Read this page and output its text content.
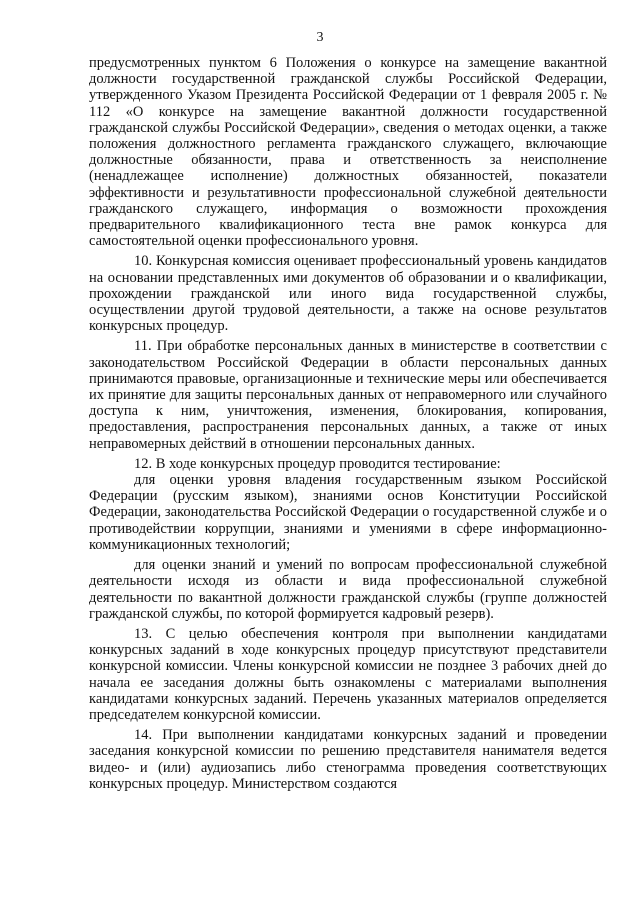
3

предусмотренных пунктом 6 Положения о конкурсе на замещение вакантной должности государственной гражданской службы Российской Федерации, утвержденного Указом Президента Российской Федерации от 1 февраля 2005 г. № 112 «О конкурсе на замещение вакантной должности государственной гражданской службы Российской Федерации», сведения о методах оценки, а также положения должностного регламента гражданского служащего, включающие должностные обязанности, права и ответственность за неисполнение (ненадлежащее исполнение) должностных обязанностей, показатели эффективности и результативности профессиональной служебной деятельности гражданского служащего, информация о возможности прохождения предварительного квалификационного теста вне рамок конкурса для самостоятельной оценки профессионального уровня.

10. Конкурсная комиссия оценивает профессиональный уровень кандидатов на основании представленных ими документов об образовании и о квалификации, прохождении гражданской или иного вида государственной службы, осуществлении другой трудовой деятельности, а также на основе результатов конкурсных процедур.

11. При обработке персональных данных в министерстве в соответствии с законодательством Российской Федерации в области персональных данных принимаются правовые, организационные и технические меры или обеспечивается их принятие для защиты персональных данных от неправомерного или случайного доступа к ним, уничтожения, изменения, блокирования, копирования, предоставления, распространения персональных данных, а также от иных неправомерных действий в отношении персональных данных.

12. В ходе конкурсных процедур проводится тестирование:

для оценки уровня владения государственным языком Российской Федерации (русским языком), знаниями основ Конституции Российской Федерации, законодательства Российской Федерации о государственной службе и о противодействии коррупции, знаниями и умениями в сфере информационно-коммуникационных технологий;

для оценки знаний и умений по вопросам профессиональной служебной деятельности исходя из области и вида профессиональной служебной деятельности по вакантной должности гражданской службы (группе должностей гражданской службы, по которой формируется кадровый резерв).

13. С целью обеспечения контроля при выполнении кандидатами конкурсных заданий в ходе конкурсных процедур присутствуют представители конкурсной комиссии. Члены конкурсной комиссии не позднее 3 рабочих дней до начала ее заседания должны быть ознакомлены с материалами выполнения кандидатами конкурсных заданий. Перечень указанных материалов определяется председателем конкурсной комиссии.

14. При выполнении кандидатами конкурсных заданий и проведении заседания конкурсной комиссии по решению представителя нанимателя ведется видео- и (или) аудиозапись либо стенограмма проведения соответствующих конкурсных процедур. Министерством создаются
